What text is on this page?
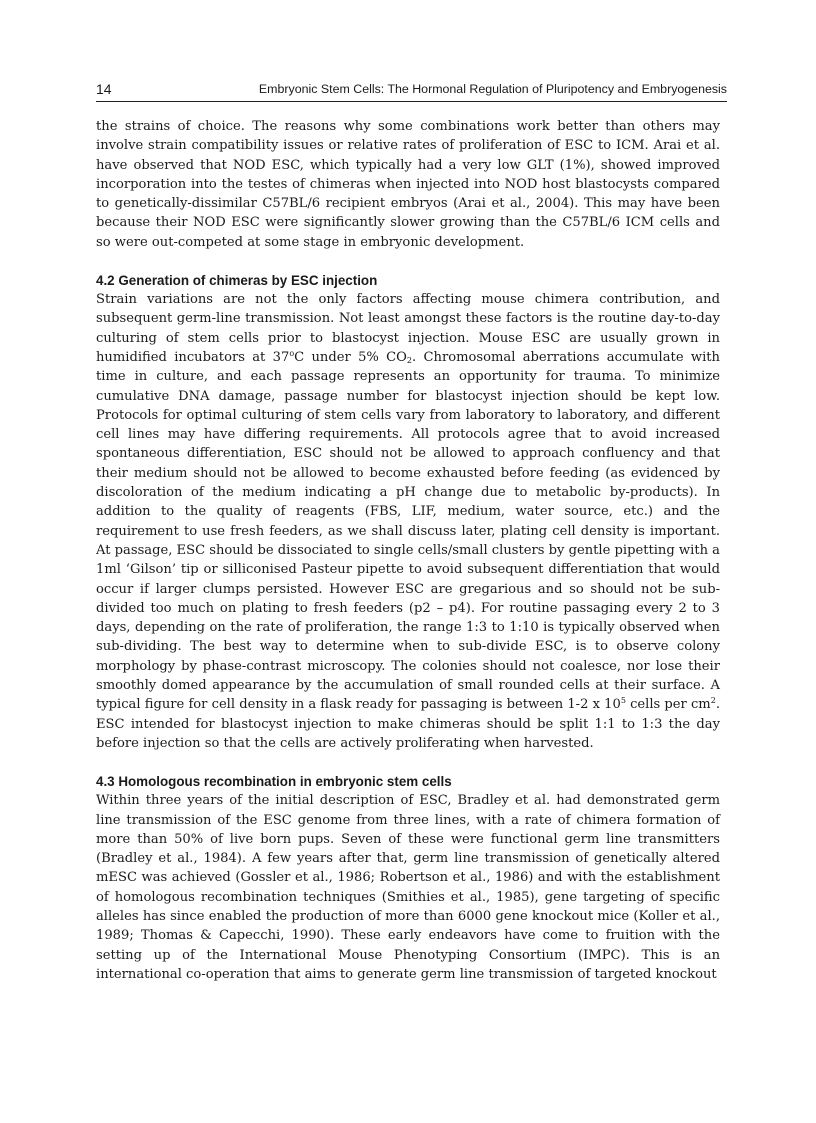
14	Embryonic Stem Cells: The Hormonal Regulation of Pluripotency and Embryogenesis

the strains of choice. The reasons why some combinations work better than others may involve strain compatibility issues or relative rates of proliferation of ESC to ICM. Arai et al. have observed that NOD ESC, which typically had a very low GLT (1%), showed improved incorporation into the testes of chimeras when injected into NOD host blastocysts compared to genetically-dissimilar C57BL/6 recipient embryos (Arai et al., 2004). This may have been because their NOD ESC were significantly slower growing than the C57BL/6 ICM cells and so were out-competed at some stage in embryonic development.

4.2 Generation of chimeras by ESC injection

Strain variations are not the only factors affecting mouse chimera contribution, and subsequent germ-line transmission. Not least amongst these factors is the routine day-to-day culturing of stem cells prior to blastocyst injection. Mouse ESC are usually grown in humidified incubators at 37$^o$C under 5% $CO_2$. Chromosomal aberrations accumulate with time in culture, and each passage represents an opportunity for trauma. To minimize cumulative DNA damage, passage number for blastocyst injection should be kept low. Protocols for optimal culturing of stem cells vary from laboratory to laboratory, and different cell lines may have differing requirements. All protocols agree that to avoid increased spontaneous differentiation, ESC should not be allowed to approach confluency and that their medium should not be allowed to become exhausted before feeding (as evidenced by discoloration of the medium indicating a pH change due to metabolic by-products). In addition to the quality of reagents (FBS, LIF, medium, water source, etc.) and the requirement to use fresh feeders, as we shall discuss later, plating cell density is important. At passage, ESC should be dissociated to single cells/small clusters by gentle pipetting with a 1ml ‘Gilson’ tip or silliconised Pasteur pipette to avoid subsequent differentiation that would occur if larger clumps persisted. However ESC are gregarious and so should not be sub-divided too much on plating to fresh feeders (p2 – p4). For routine passaging every 2 to 3 days, depending on the rate of proliferation, the range 1:3 to 1:10 is typically observed when sub-dividing. The best way to determine when to sub-divide ESC, is to observe colony morphology by phase-contrast microscopy. The colonies should not coalesce, nor lose their smoothly domed appearance by the accumulation of small rounded cells at their surface. A typical figure for cell density in a flask ready for passaging is between 1-2 x $10^5$ cells per $cm^2$. ESC intended for blastocyst injection to make chimeras should be split 1:1 to 1:3 the day before injection so that the cells are actively proliferating when harvested.

4.3 Homologous recombination in embryonic stem cells

Within three years of the initial description of ESC, Bradley et al. had demonstrated germ line transmission of the ESC genome from three lines, with a rate of chimera formation of more than 50% of live born pups. Seven of these were functional germ line transmitters (Bradley et al., 1984). A few years after that, germ line transmission of genetically altered mESC was achieved (Gossler et al., 1986; Robertson et al., 1986) and with the establishment of homologous recombination techniques (Smithies et al., 1985), gene targeting of specific alleles has since enabled the production of more than 6000 gene knockout mice (Koller et al., 1989; Thomas & Capecchi, 1990). These early endeavors have come to fruition with the setting up of the International Mouse Phenotyping Consortium (IMPC). This is an international co-operation that aims to generate germ line transmission of targeted knockout
